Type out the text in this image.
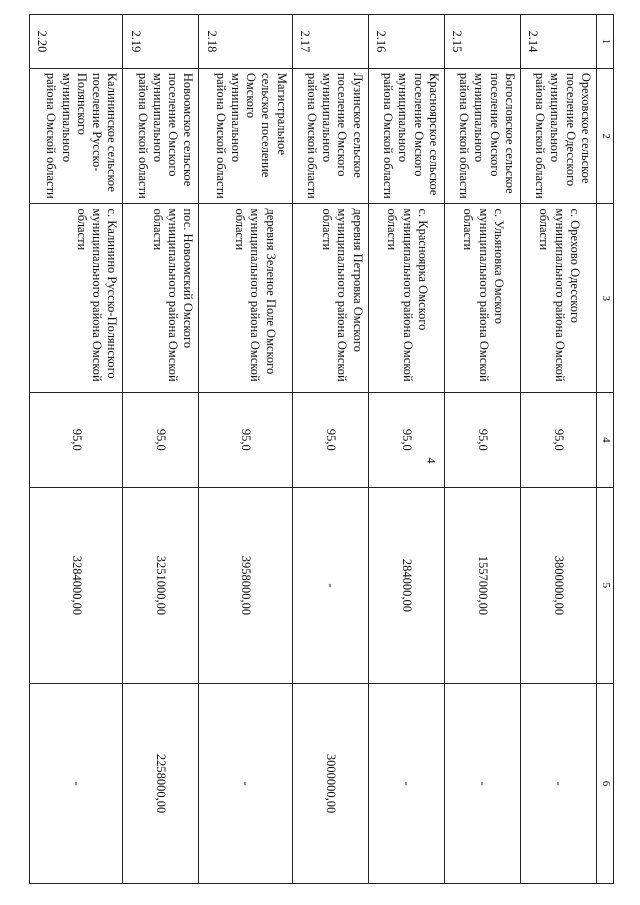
4
1	2	3	4	5	6
2.14	Ореховское сельское поселение Одесского муниципального района Омской области	с. Орехово Одесского муниципального района Омской области	95,0	3800000,00	-
2.15	Богословское сельское поселение Омского муниципального района Омской области	с. Ульяновка Омского муниципального района Омской области	95,0	1557000,00	-
2.16	Красноярское сельское поселение Омского муниципального района Омской области	с. Красноярка Омского муниципального района Омской области	95,0	284000,00	-
2.17	Лузинское сельское поселение Омского муниципального района Омской области	деревня Петровка Омского муниципального района Омской области	95,0	-	3000000,00
2.18	Магистральное сельское поселение Омского муниципального района Омской области	деревня Зеленое Поле Омского муниципального района Омской области	95,0	3958000,00	-
2.19	Новоомское сельское поселение Омского муниципального района Омской области	пос. Новоомский Омского муниципального района Омской области	95,0	3251000,00	2258000,00
2.20	Калининское сельское поселение Русско-Полянского муниципального района Омской области	с. Калинино Русско-Полянского муниципального района Омской области	95,0	3284000,00	-
